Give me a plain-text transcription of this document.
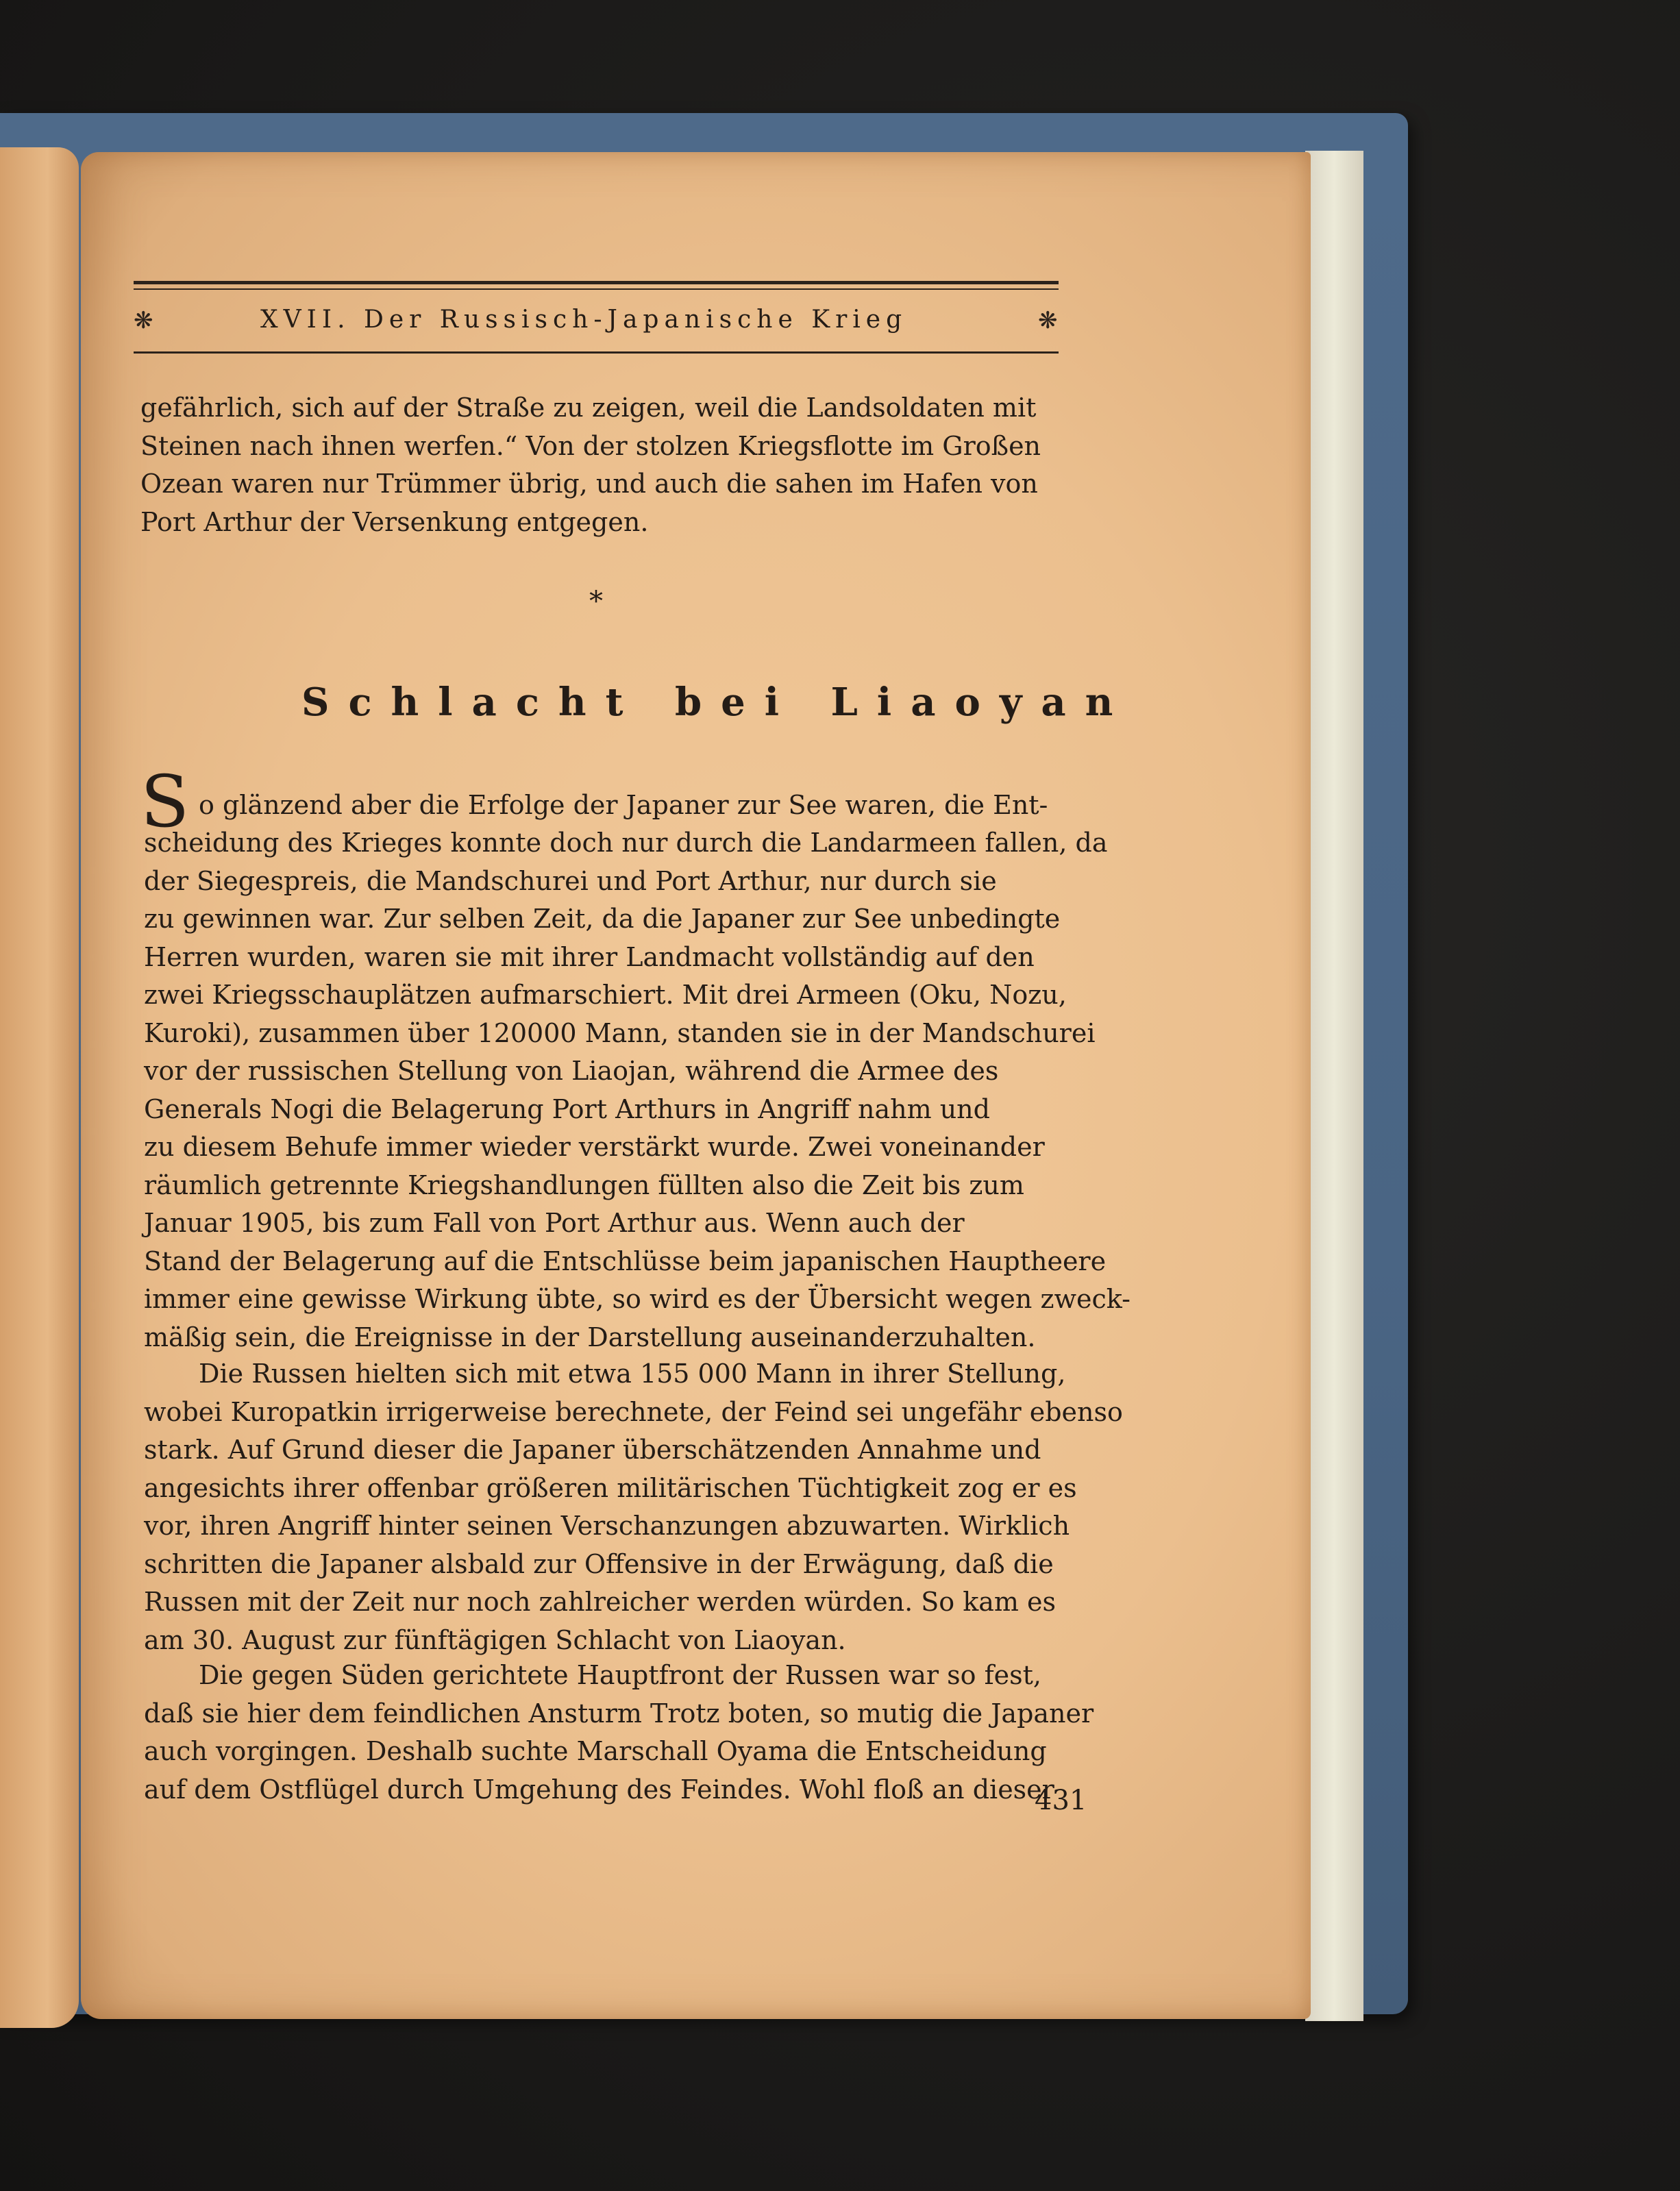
❋	XVII. Der Russisch-Japanische Krieg	❋
gefährlich, sich auf der Straße zu zeigen, weil die Landsoldaten mit
Steinen nach ihnen werfen.“ Von der stolzen Kriegsflotte im Großen
Ozean waren nur Trümmer übrig, und auch die sahen im Hafen von
Port Arthur der Versenkung entgegen.
*
Schlacht bei Liaoyan
S o glänzend aber die Erfolge der Japaner zur See waren, die Ent-
scheidung des Krieges konnte doch nur durch die Landarmeen fallen, da
der Siegespreis, die Mandschurei und Port Arthur, nur durch sie
zu gewinnen war. Zur selben Zeit, da die Japaner zur See unbedingte
Herren wurden, waren sie mit ihrer Landmacht vollständig auf den
zwei Kriegsschauplätzen aufmarschiert. Mit drei Armeen (Oku, Nozu,
Kuroki), zusammen über 120000 Mann, standen sie in der Mandschurei
vor der russischen Stellung von Liaojan, während die Armee des
Generals Nogi die Belagerung Port Arthurs in Angriff nahm und
zu diesem Behufe immer wieder verstärkt wurde. Zwei voneinander
räumlich getrennte Kriegshandlungen füllten also die Zeit bis zum
Januar 1905, bis zum Fall von Port Arthur aus. Wenn auch der
Stand der Belagerung auf die Entschlüsse beim japanischen Hauptheere
immer eine gewisse Wirkung übte, so wird es der Übersicht wegen zweck-
mäßig sein, die Ereignisse in der Darstellung auseinanderzuhalten.
Die Russen hielten sich mit etwa 155 000 Mann in ihrer Stellung,
wobei Kuropatkin irrigerweise berechnete, der Feind sei ungefähr ebenso
stark. Auf Grund dieser die Japaner überschätzenden Annahme und
angesichts ihrer offenbar größeren militärischen Tüchtigkeit zog er es
vor, ihren Angriff hinter seinen Verschanzungen abzuwarten. Wirklich
schritten die Japaner alsbald zur Offensive in der Erwägung, daß die
Russen mit der Zeit nur noch zahlreicher werden würden. So kam es
am 30. August zur fünftägigen Schlacht von Liaoyan.
Die gegen Süden gerichtete Hauptfront der Russen war so fest,
daß sie hier dem feindlichen Ansturm Trotz boten, so mutig die Japaner
auch vorgingen. Deshalb suchte Marschall Oyama die Entscheidung
auf dem Ostflügel durch Umgehung des Feindes. Wohl floß an dieser
431
